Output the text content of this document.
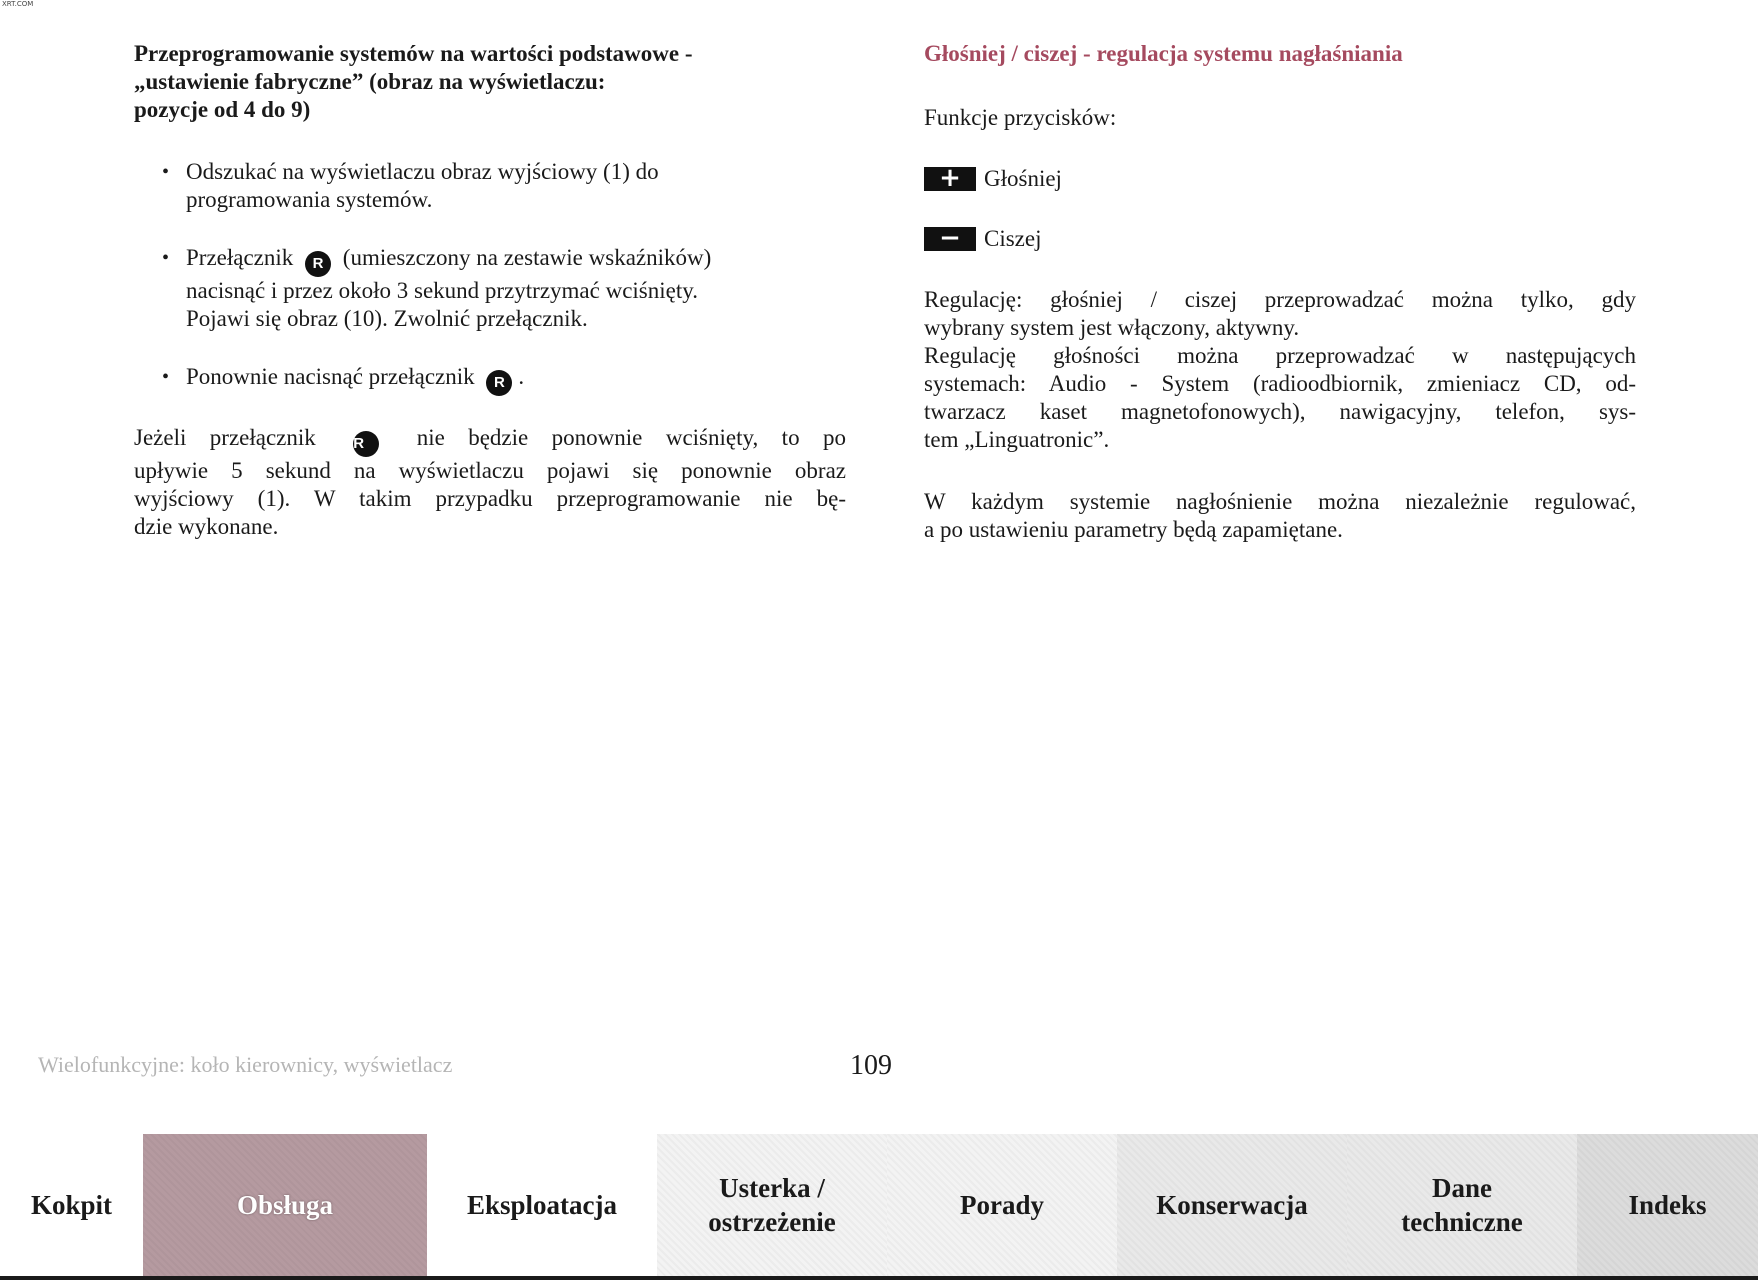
XRT.COM
Przeprogramowanie systemów na wartości podstawowe -
„ustawienie fabryczne” (obraz na wyświetlaczu:
pozycje od 4 do 9)
• Odszukać na wyświetlaczu obraz wyjściowy (1) do
programowania systemów.
• Przełącznik R (umieszczony na zestawie wskaźników)
nacisnąć i przez około 3 sekund przytrzymać wciśnięty.
Pojawi się obraz (10). Zwolnić przełącznik.
• Ponownie nacisnąć przełącznik R .

Jeżeli przełącznik R nie będzie ponownie wciśnięty, to po
upływie 5 sekund na wyświetlaczu pojawi się ponownie obraz
wyjściowy (1). W takim przypadku przeprogramowanie nie bę-
dzie wykonane.

Głośniej / ciszej - regulacja systemu nagłaśniania

Funkcje przycisków:

+	Głośniej
−	Ciszej

Regulację: głośniej / ciszej przeprowadzać można tylko, gdy
wybrany system jest włączony, aktywny.

Regulację głośności można przeprowadzać w następujących
systemach: Audio - System (radioodbiornik, zmieniacz CD, od-
twarzacz kaset magnetofonowych), nawigacyjny, telefon, sys-
tem „Linguatronic”.

W każdym systemie nagłośnienie można niezależnie regulować,
a po ustawieniu parametry będą zapamiętane.

Wielofunkcyjne: koło kierownicy, wyświetlacz	109
Kokpit	Obsługa	Eksploatacja
Usterka /
ostrzeżenie
Porady	Konserwacja
Dane
techniczne
Indeks
